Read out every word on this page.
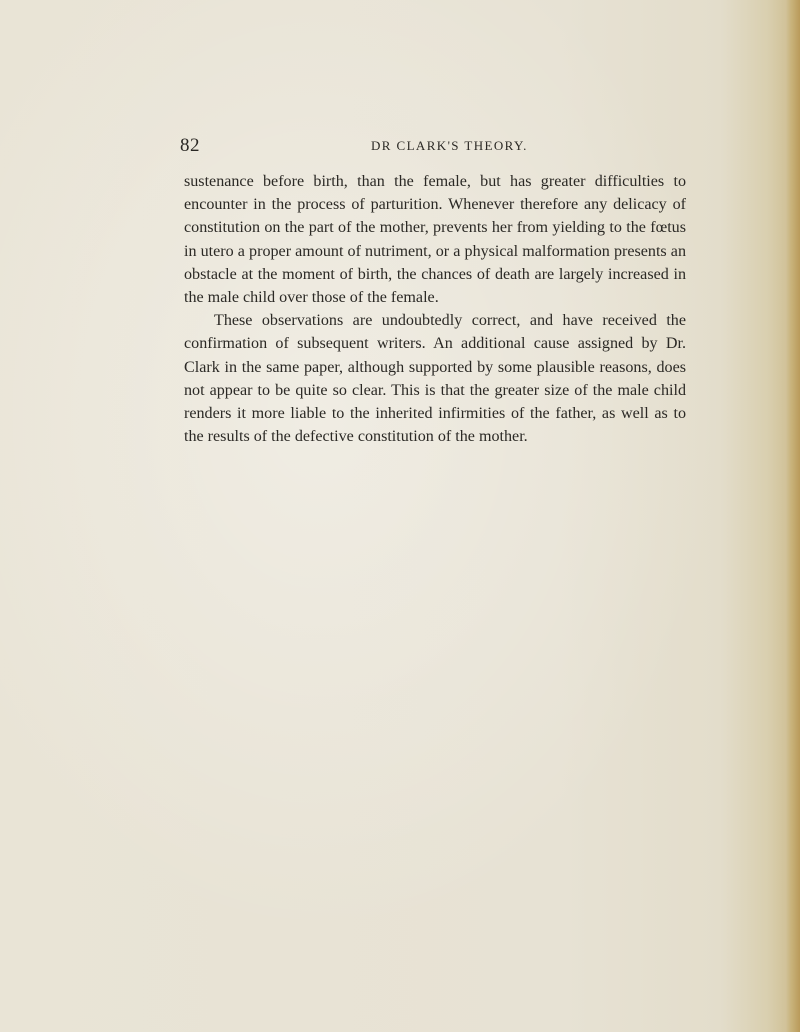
82	DR CLARK'S THEORY.

sustenance before birth, than the female, but has greater difficulties to encounter in the process of parturition. Whenever therefore any delicacy of constitution on the part of the mother, prevents her from yielding to the fœtus in utero a proper amount of nutriment, or a physical malformation presents an obstacle at the moment of birth, the chances of death are largely increased in the male child over those of the female.

These observations are undoubtedly correct, and have received the confirmation of subsequent writers. An additional cause assigned by Dr. Clark in the same paper, although supported by some plausible reasons, does not appear to be quite so clear. This is that the greater size of the male child renders it more liable to the inherited infirmities of the father, as well as to the results of the defective constitution of the mother.
